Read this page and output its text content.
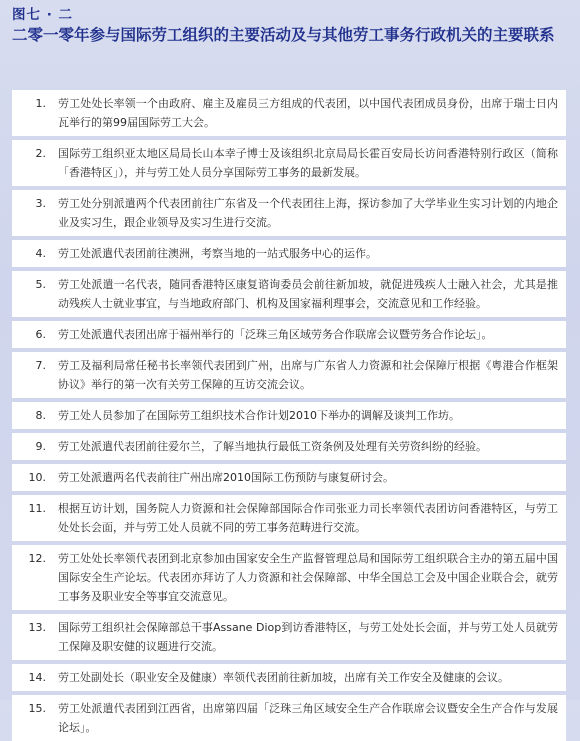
图七 · 二
二零一零年参与国际劳工组织的主要活动及与其他劳工事务行政机关的主要联系
1.	劳工处处长率领一个由政府、雇主及雇员三方组成的代表团，以中国代表团成员身份，出席于瑞士日内瓦举行的第99届国际劳工大会。
2.	国际劳工组织亚太地区局局长山本幸子博士及该组织北京局局长霍百安局长访问香港特别行政区（简称「香港特区」），并与劳工处人员分享国际劳工事务的最新发展。
3.	劳工处分别派遣两个代表团前往广东省及一个代表团往上海，探访参加了大学毕业生实习计划的内地企业及实习生，跟企业领导及实习生进行交流。
4.	劳工处派遣代表团前往澳洲，考察当地的一站式服务中心的运作。
5.	劳工处派遣一名代表，随同香港特区康复谘询委员会前往新加坡，就促进残疾人士融入社会，尤其是推动残疾人士就业事宜，与当地政府部门、机构及国家福利理事会，交流意见和工作经验。
6.	劳工处派遣代表团出席于福州举行的「泛珠三角区域劳务合作联席会议暨劳务合作论坛」。
7.	劳工及福利局常任秘书长率领代表团到广州，出席与广东省人力资源和社会保障厅根据《粤港合作框架协议》举行的第一次有关劳工保障的互访交流会议。
8.	劳工处人员参加了在国际劳工组织技术合作计划2010下举办的调解及谈判工作坊。
9.	劳工处派遣代表团前往爱尔兰，了解当地执行最低工资条例及处理有关劳资纠纷的经验。
10.	劳工处派遣两名代表前往广州出席2010国际工伤预防与康复研讨会。
11.	根据互访计划，国务院人力资源和社会保障部国际合作司张亚力司长率领代表团访问香港特区，与劳工处处长会面，并与劳工处人员就不同的劳工事务范畴进行交流。
12.	劳工处处长率领代表团到北京参加由国家安全生产监督管理总局和国际劳工组织联合主办的第五届中国国际安全生产论坛。代表团亦拜访了人力资源和社会保障部、中华全国总工会及中国企业联合会，就劳工事务及职业安全等事宜交流意见。
13.	国际劳工组织社会保障部总干事Assane Diop到访香港特区，与劳工处处长会面，并与劳工处人员就劳工保障及职安健的议题进行交流。
14.	劳工处副处长（职业安全及健康）率领代表团前往新加坡，出席有关工作安全及健康的会议。
15.	劳工处派遣代表团到江西省，出席第四届「泛珠三角区域安全生产合作联席会议暨安全生产合作与发展论坛」。
